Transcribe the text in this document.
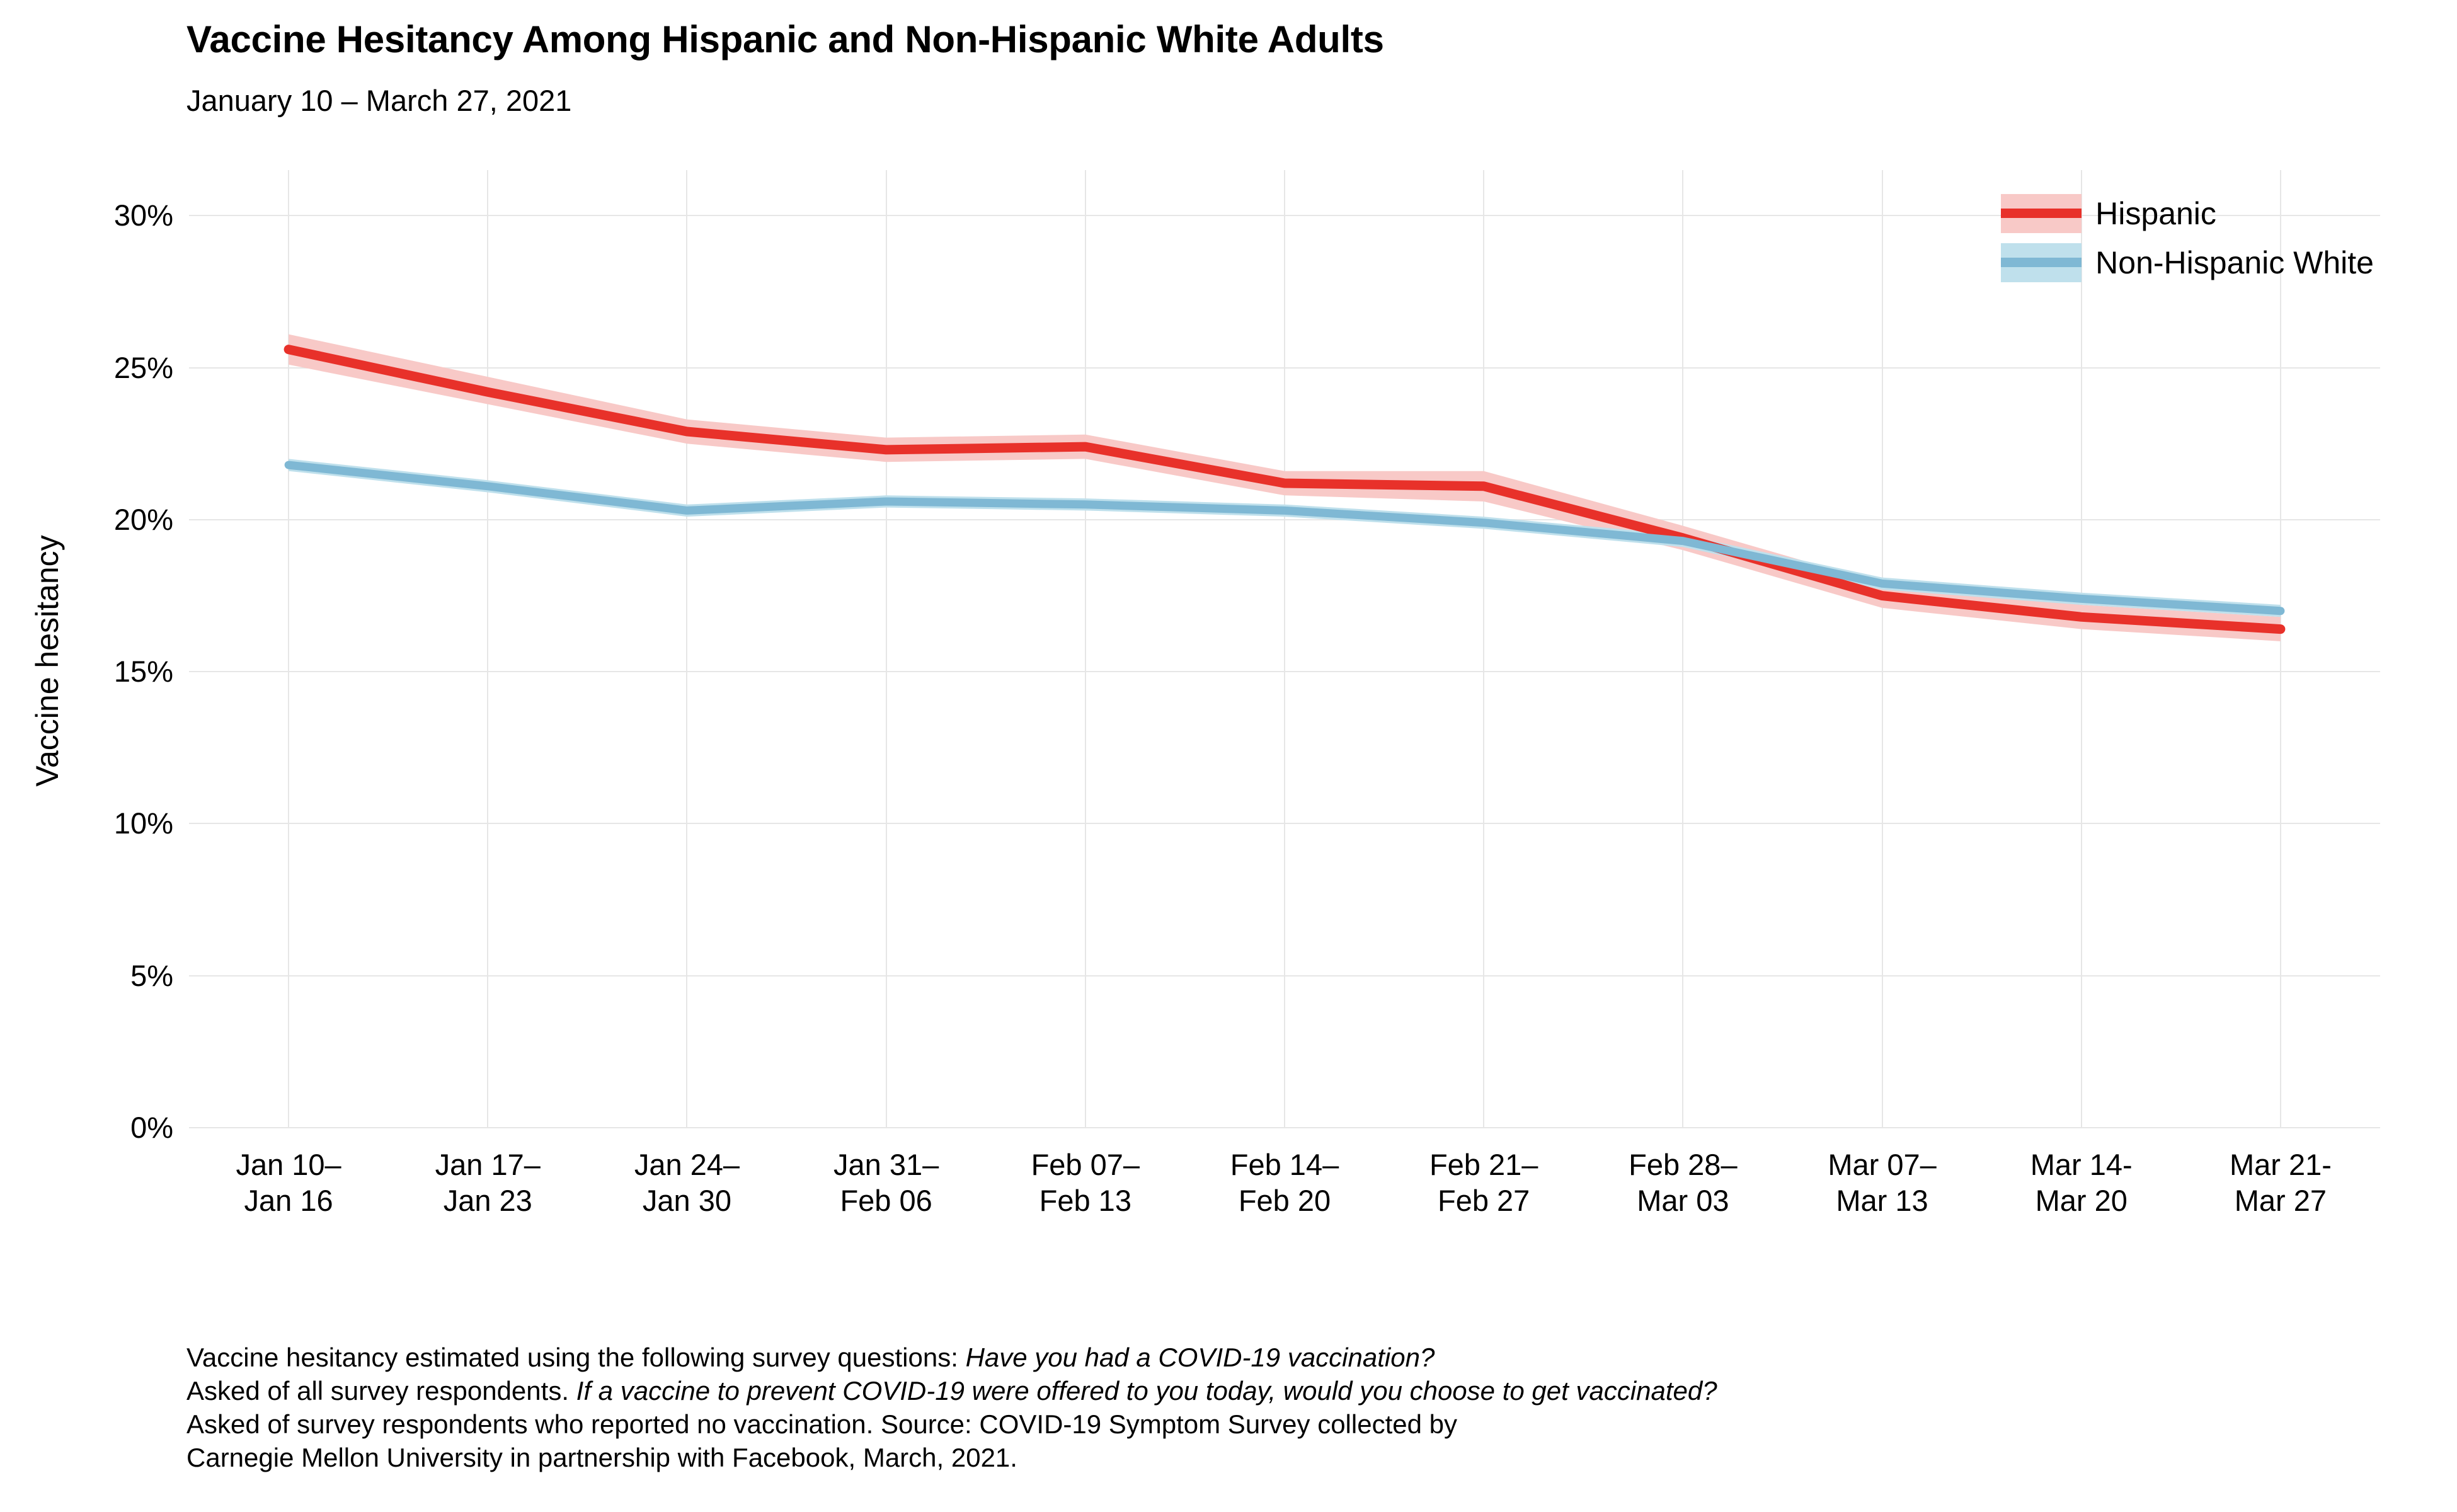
Vaccine Hesitancy Among Hispanic and Non-Hispanic White Adults
January 10 – March 27, 2021
Vaccine hesitancy
0%
5%
10%
15%
20%
25%
30%
Jan 10–
Jan 16
Jan 17–
Jan 23
Jan 24–
Jan 30
Jan 31–
Feb 06
Feb 07–
Feb 13
Feb 14–
Feb 20
Feb 21–
Feb 27
Feb 28–
Mar 03
Mar 07–
Mar 13
Mar 14-
Mar 20
Mar 21-
Mar 27
Hispanic
Non-Hispanic White
Vaccine hesitancy estimated using the following survey questions: Have you had a COVID-19 vaccination?
Asked of all survey respondents. If a vaccine to prevent COVID-19 were offered to you today, would you choose to get vaccinated?
Asked of survey respondents who reported no vaccination. Source: COVID-19 Symptom Survey collected by
Carnegie Mellon University in partnership with Facebook, March, 2021.
